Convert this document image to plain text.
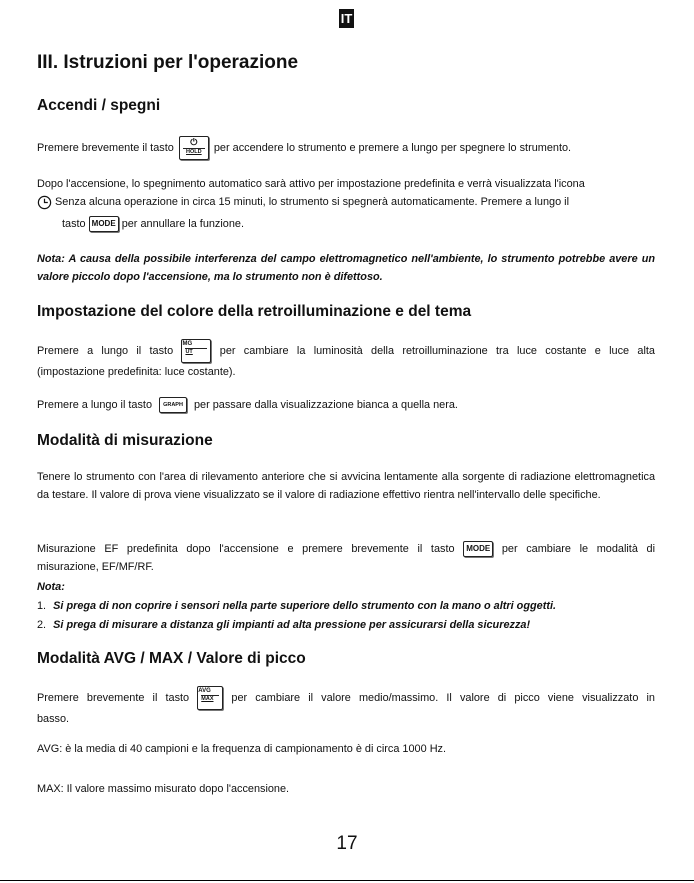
IT
III. Istruzioni per l'operazione
Accendi / spegni
Premere brevemente il tasto	⏻
HOLD per accendere lo strumento e premere a lungo per spegnere lo strumento.
Dopo l'accensione, lo spegnimento automatico sarà attivo per impostazione predefinita e verrà visualizzata l'icona
Senza alcuna operazione in circa 15 minuti, lo strumento si spegnerà automaticamente. Premere a lungo il
tasto MODE per annullare la funzione.
Nota: A causa della possibile interferenza del campo elettromagnetico nell'ambiente, lo strumento potrebbe avere un valore piccolo dopo l'accensione, ma lo strumento non è difettoso.
Impostazione del colore della retroilluminazione e del tema
Premere a lungo il tasto $\frac{MG}{UT}$ per cambiare la luminosità della retroilluminazione tra luce costante e luce alta
(impostazione predefinita: luce costante).
Premere a lungo il tasto GRAPH per passare dalla visualizzazione bianca a quella nera.
Modalità di misurazione
Tenere lo strumento con l'area di rilevamento anteriore che si avvicina lentamente alla sorgente di radiazione elettromagnetica da testare. Il valore di prova viene visualizzato se il valore di radiazione effettivo rientra nell'intervallo delle specifiche.
Misurazione EF predefinita dopo l'accensione e premere brevemente il tasto MODE per cambiare le modalità di
misurazione, EF/MF/RF.
Nota:
1. Si prega di non coprire i sensori nella parte superiore dello strumento con la mano o altri oggetti.
2. Si prega di misurare a distanza gli impianti ad alta pressione per assicurarsi della sicurezza!
Modalità AVG / MAX / Valore di picco
Premere brevemente il tasto
AVG
MAX	per cambiare il valore medio/massimo. Il valore di picco viene visualizzato in
basso.
AVG: è la media di 40 campioni e la frequenza di campionamento è di circa 1000 Hz.
MAX: Il valore massimo misurato dopo l'accensione.
17
